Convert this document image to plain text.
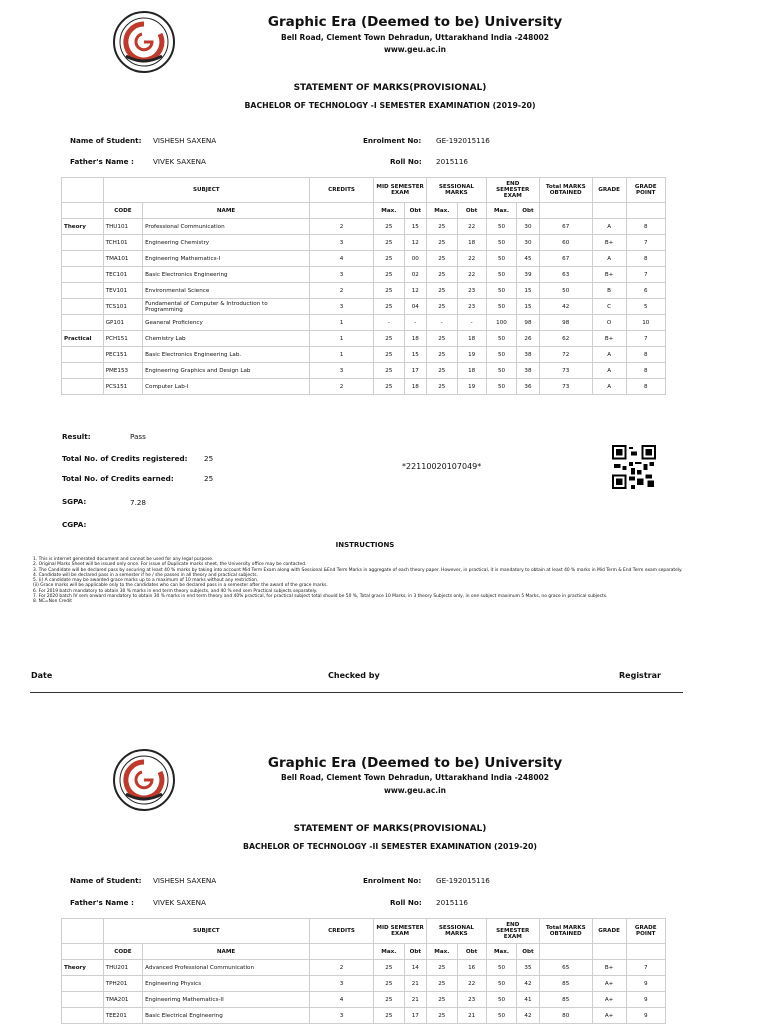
Graphic Era (Deemed to be) University
Bell Road, Clement Town Dehradun, Uttarakhand India -248002
www.geu.ac.in
STATEMENT OF MARKS(PROVISIONAL)
BACHELOR OF TECHNOLOGY -I SEMESTER EXAMINATION (2019-20)
Name of Student: VISHESH SAXENA	Enrolment No: GE-192015116
Father's Name :	VIVEK SAXENA	Roll No: 2015116
	SUBJECT		CREDITS	MID SEMESTER EXAM		SESSIONAL MARKS		END SEMESTER EXAM		Total MARKS OBTAINED	GRADE	GRADE POINT
	CODE	NAME		Max.	Obt	Max.	Obt	Max.	Obt			
Theory	THU101	Professional Communication	2	25	15	25	22	50	30	67	A	8
	TCH101	Engineering Chemistry	3	25	12	25	18	50	30	60	B+	7
	TMA101	Engineering Mathematics-I	4	25	00	25	22	50	45	67	A	8
	TEC101	Basic Electronics Engineering	3	25	02	25	22	50	39	63	B+	7
	TEV101	Environmental Science	2	25	12	25	23	50	15	50	B	6
	TCS101	Fundamental of Computer & Introduction to Programming	3	25	04	25	23	50	15	42	C	5
	GP101	Geaneral Proficiency	1	-	-	-	-	100	98	98	O	10
Practical	PCH151	Chemistry Lab	1	25	18	25	18	50	26	62	B+	7
	PEC151	Basic Electronics Engineering Lab.	1	25	15	25	19	50	38	72	A	8
	PME153	Engineering Graphics and Design Lab	3	25	17	25	18	50	38	73	A	8
	PCS151	Computer Lab-I	2	25	18	25	19	50	36	73	A	8
Result:	Pass
Total No. of Credits registered: 25
Total No. of Credits earned:	25
SGPA:	7.28
CGPA:
*22110020107049*
INSTRUCTIONS
1. This is internet generated document and cannot be used for any legal purpose.
2. Original Marks Sheet will be issued only once. For issue of Duplicate marks sheet, the University office may be contacted.
3. The Candidate will be declared pass by securing at least 40 % marks by taking into account Mid Term Exam along with Sessional &End Term Marks in aggregate of each theory paper. However, in practical, it is mandatory to obtain at least 40 % marks in Mid Term & End Term exam separately.
4. Candidate will be declared pass in a semester if he / she passes in all theory and practical subjects.
5. (i) A candidate may be awarded grace marks up to a maximum of 10 marks without any restriction.
(ii) Grace marks will be applicable only to the candidates who can be declared pass in a semester after the award of the grace marks.
6. For 2019 batch mandatory to obtain 30 % marks in end term theory subjects, and 40 % end sem Practical subjects separately.
7. For 2020 batch IV sem onward mandatory to obtain 30 % marks in end term theory and 40% practical, for practical subject total should be 50 %, Total grace 10 Marks, in 3 theory Subjects only, in one subject maximum 5 Marks, no grace in practical subjects.
8. NC=Non Credit
Date	Checked by	Registrar
Graphic Era (Deemed to be) University
Bell Road, Clement Town Dehradun, Uttarakhand India -248002
www.geu.ac.in
STATEMENT OF MARKS(PROVISIONAL)
BACHELOR OF TECHNOLOGY -II SEMESTER EXAMINATION (2019-20)
Name of Student: VISHESH SAXENA	Enrolment No: GE-192015116
Father's Name :	VIVEK SAXENA	Roll No: 2015116
	SUBJECT		CREDITS	MID SEMESTER EXAM		SESSIONAL MARKS		END SEMESTER EXAM		Total MARKS OBTAINED	GRADE	GRADE POINT
	CODE	NAME		Max.	Obt	Max.	Obt	Max.	Obt			
Theory	THU201	Advanced Professional Communication	2	25	14	25	16	50	35	65	B+	7
	TPH201	Engineering Physics	3	25	21	25	22	50	42	85	A+	9
	TMA201	Engineerimg Mathematics-II	4	25	21	25	23	50	41	85	A+	9
	TEE201	Basic Electrical Engineering	3	25	17	25	21	50	42	80	A+	9
